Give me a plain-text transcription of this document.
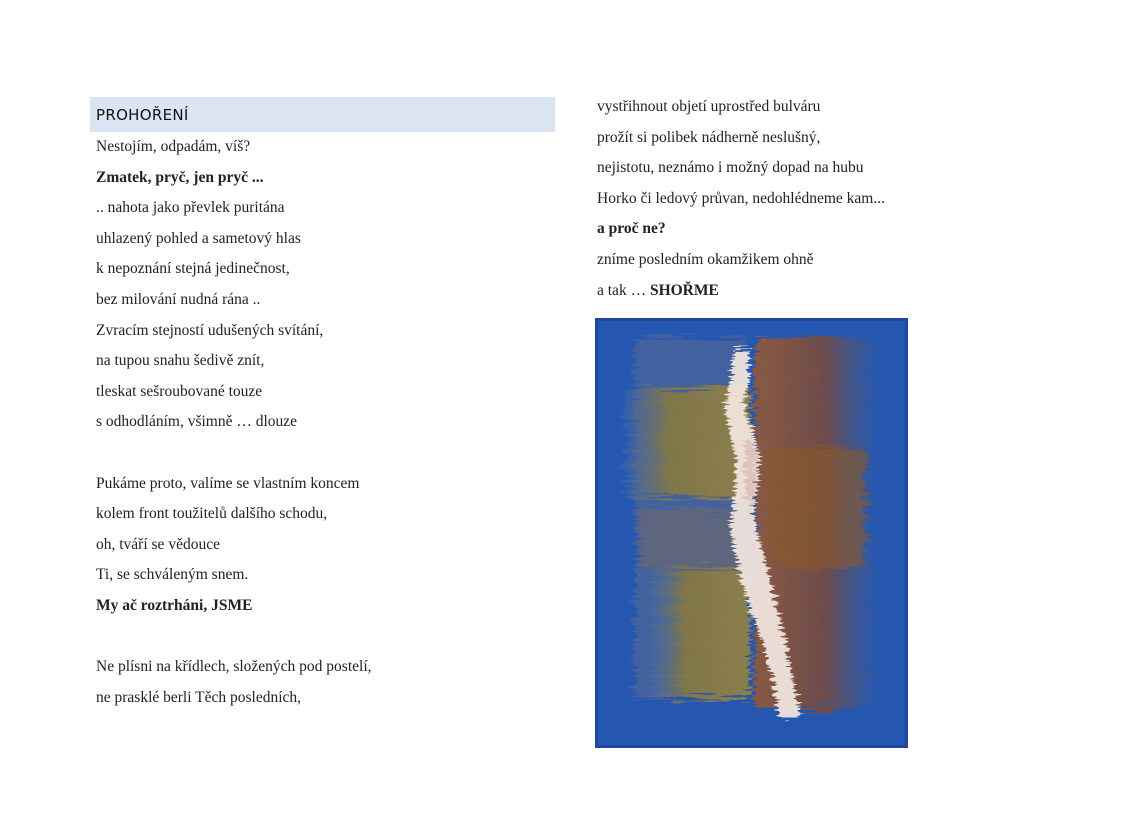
PROHOŘENÍ
Nestojím, odpadám, víš?
Zmatek, pryč, jen pryč ...
.. nahota jako převlek puritána
uhlazený pohled a sametový hlas
k nepoznání stejná jedinečnost,
bez milování nudná rána ..
Zvracím stejností udušených svítání,
na tupou snahu šedivě znít,
tleskat sešroubované touze
s odhodláním, všimně … dlouze

Pukáme proto, valíme se vlastním koncem
kolem front toužitelů dalšího schodu,
oh, tváří se vědouce
Ti, se schváleným snem.
My ač roztrháni, JSME

Ne plísni na křídlech, složených pod postelí,
ne prasklé berli Těch posledních,
vystřihnout objetí uprostřed bulváru
prožít si polibek nádherně neslušný,
nejistotu, neznámo i možný dopad na hubu
Horko či ledový průvan, nedohlédneme kam...
a proč ne?
zníme posledním okamžikem ohně
a tak … SHOŘME
